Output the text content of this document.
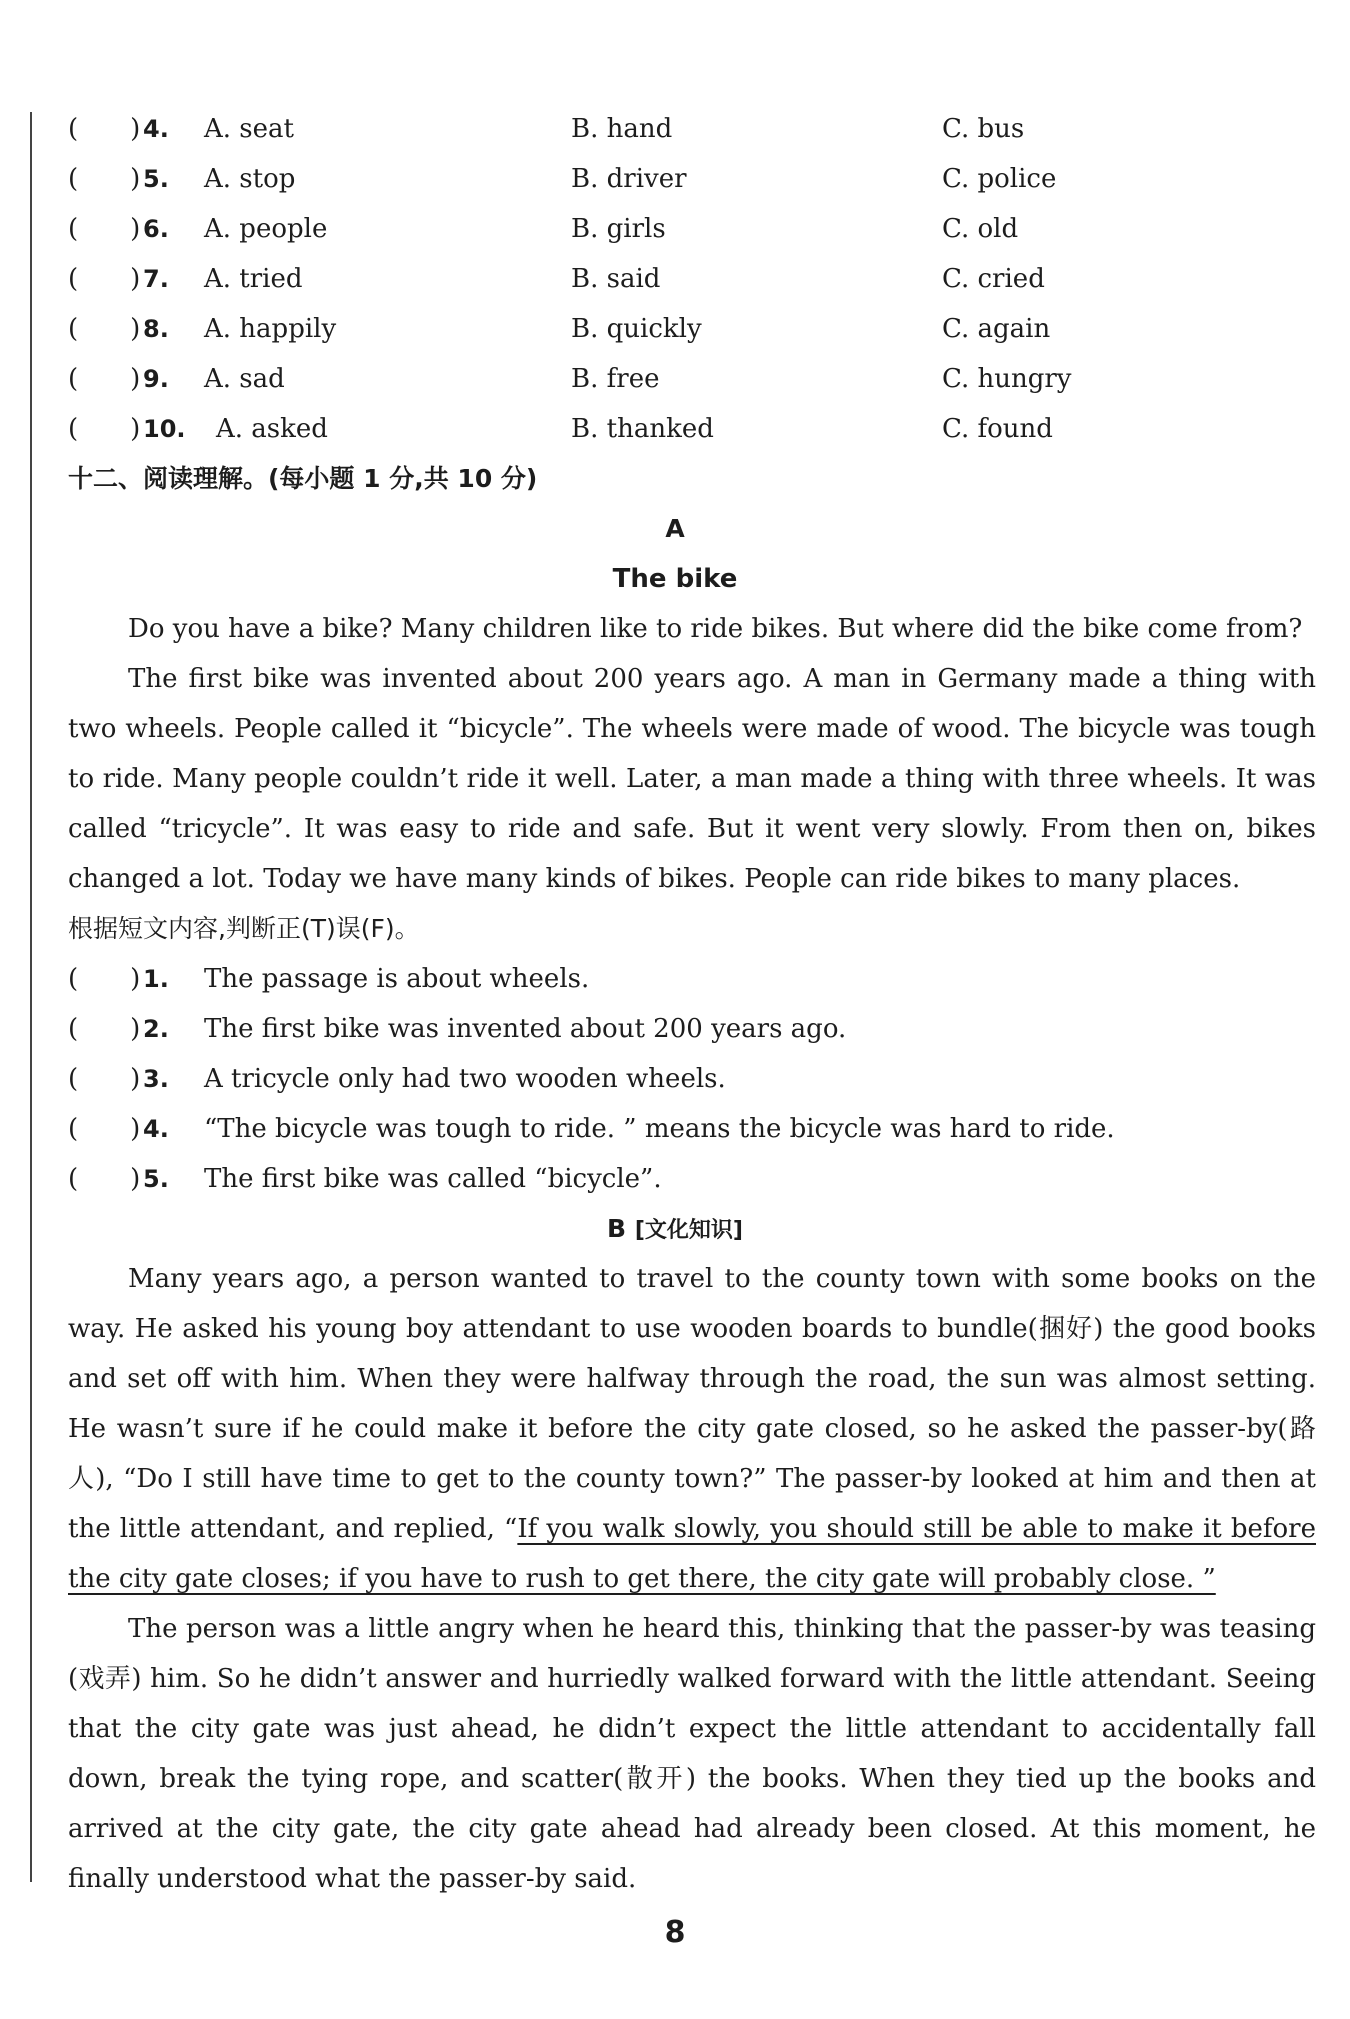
(　　) 4. A. seat	B. hand	C. bus
(　　) 5. A. stop	B. driver	C. police
(　　) 6. A. people	B. girls	C. old
(　　) 7. A. tried	B. said	C. cried
(　　) 8. A. happily	B. quickly	C. again
(　　) 9. A. sad	B. free	C. hungry
(　　) 10. A. asked	B. thanked	C. found
十二、阅读理解。(每小题 1 分,共 10 分)
A
The bike

Do you have a bike? Many children like to ride bikes. But where did the bike come from?

The first bike was invented about 200 years ago. A man in Germany made a thing with two wheels. People called it “bicycle”. The wheels were made of wood. The bicycle was tough to ride. Many people couldn’t ride it well. Later, a man made a thing with three wheels. It was called “tricycle”. It was easy to ride and safe. But it went very slowly. From then on, bikes changed a lot. Today we have many kinds of bikes. People can ride bikes to many places.

根据短文内容,判断正(T)误(F)。
(　　) 1. The passage is about wheels.
(　　) 2. The first bike was invented about 200 years ago.
(　　) 3. A tricycle only had two wooden wheels.
(　　) 4. “The bicycle was tough to ride. ” means the bicycle was hard to ride.
(　　) 5. The first bike was called “bicycle”.
B [文化知识]

Many years ago, a person wanted to travel to the county town with some books on the way. He asked his young boy attendant to use wooden boards to bundle(捆好) the good books and set off with him. When they were halfway through the road, the sun was almost setting. He wasn’t sure if he could make it before the city gate closed, so he asked the passer-by(路人), “Do I still have time to get to the county town?” The passer-by looked at him and then at the little attendant, and replied, “If you walk slowly, you should still be able to make it before the city gate closes; if you have to rush to get there, the city gate will probably close. ”

The person was a little angry when he heard this, thinking that the passer-by was teasing (戏弄) him. So he didn’t answer and hurriedly walked forward with the little attendant. Seeing that the city gate was just ahead, he didn’t expect the little attendant to accidentally fall down, break the tying rope, and scatter(散开) the books. When they tied up the books and arrived at the city gate, the city gate ahead had already been closed. At this moment, he finally understood what the passer-by said.

8
